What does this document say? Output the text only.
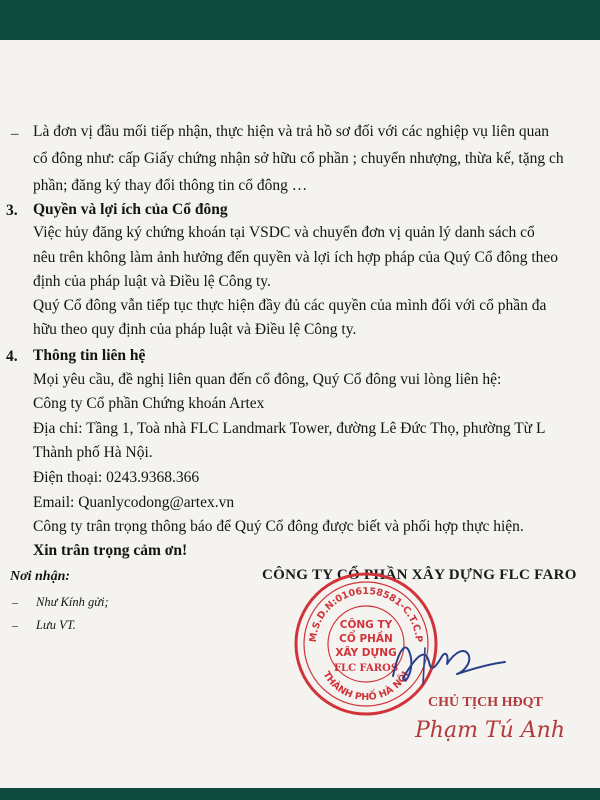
– Là đơn vị đầu mối tiếp nhận, thực hiện và trả hồ sơ đối với các nghiệp vụ liên quan
cổ đông như: cấp Giấy chứng nhận sở hữu cổ phần ; chuyển nhượng, thừa kế, tặng ch
phần; đăng ký thay đổi thông tin cổ đông …
3. Quyền và lợi ích của Cổ đông
Việc hủy đăng ký chứng khoán tại VSDC và chuyển đơn vị quản lý danh sách cổ
nêu trên không làm ảnh hưởng đến quyền và lợi ích hợp pháp của Quý Cổ đông theo
định của pháp luật và Điều lệ Công ty.
Quý Cổ đông vẫn tiếp tục thực hiện đầy đủ các quyền của mình đối với cổ phần đa
hữu theo quy định của pháp luật và Điều lệ Công ty.
4. Thông tin liên hệ
Mọi yêu cầu, đề nghị liên quan đến cổ đông, Quý Cổ đông vui lòng liên hệ:
Công ty Cổ phần Chứng khoán Artex
Địa chỉ: Tầng 1, Toà nhà FLC Landmark Tower, đường Lê Đức Thọ, phường Từ L
Thành phố Hà Nội.
Điện thoại: 0243.9368.366
Email: Quanlycodong@artex.vn
Công ty trân trọng thông báo để Quý Cổ đông được biết và phối hợp thực hiện.
Xin trân trọng cảm ơn!
Nơi nhận:
– Như Kính gửi;
– Lưu VT.
CÔNG TY CỔ PHẦN XÂY DỰNG FLC FARO
M.S.D.N:0106158581-C.T.C.P
THÀNH PHỐ HÀ NỘI
CÔNG TY
CỔ PHẦN
XÂY DỰNG
FLC FAROS
CHỦ TỊCH HĐQT
Phạm Tú Anh
